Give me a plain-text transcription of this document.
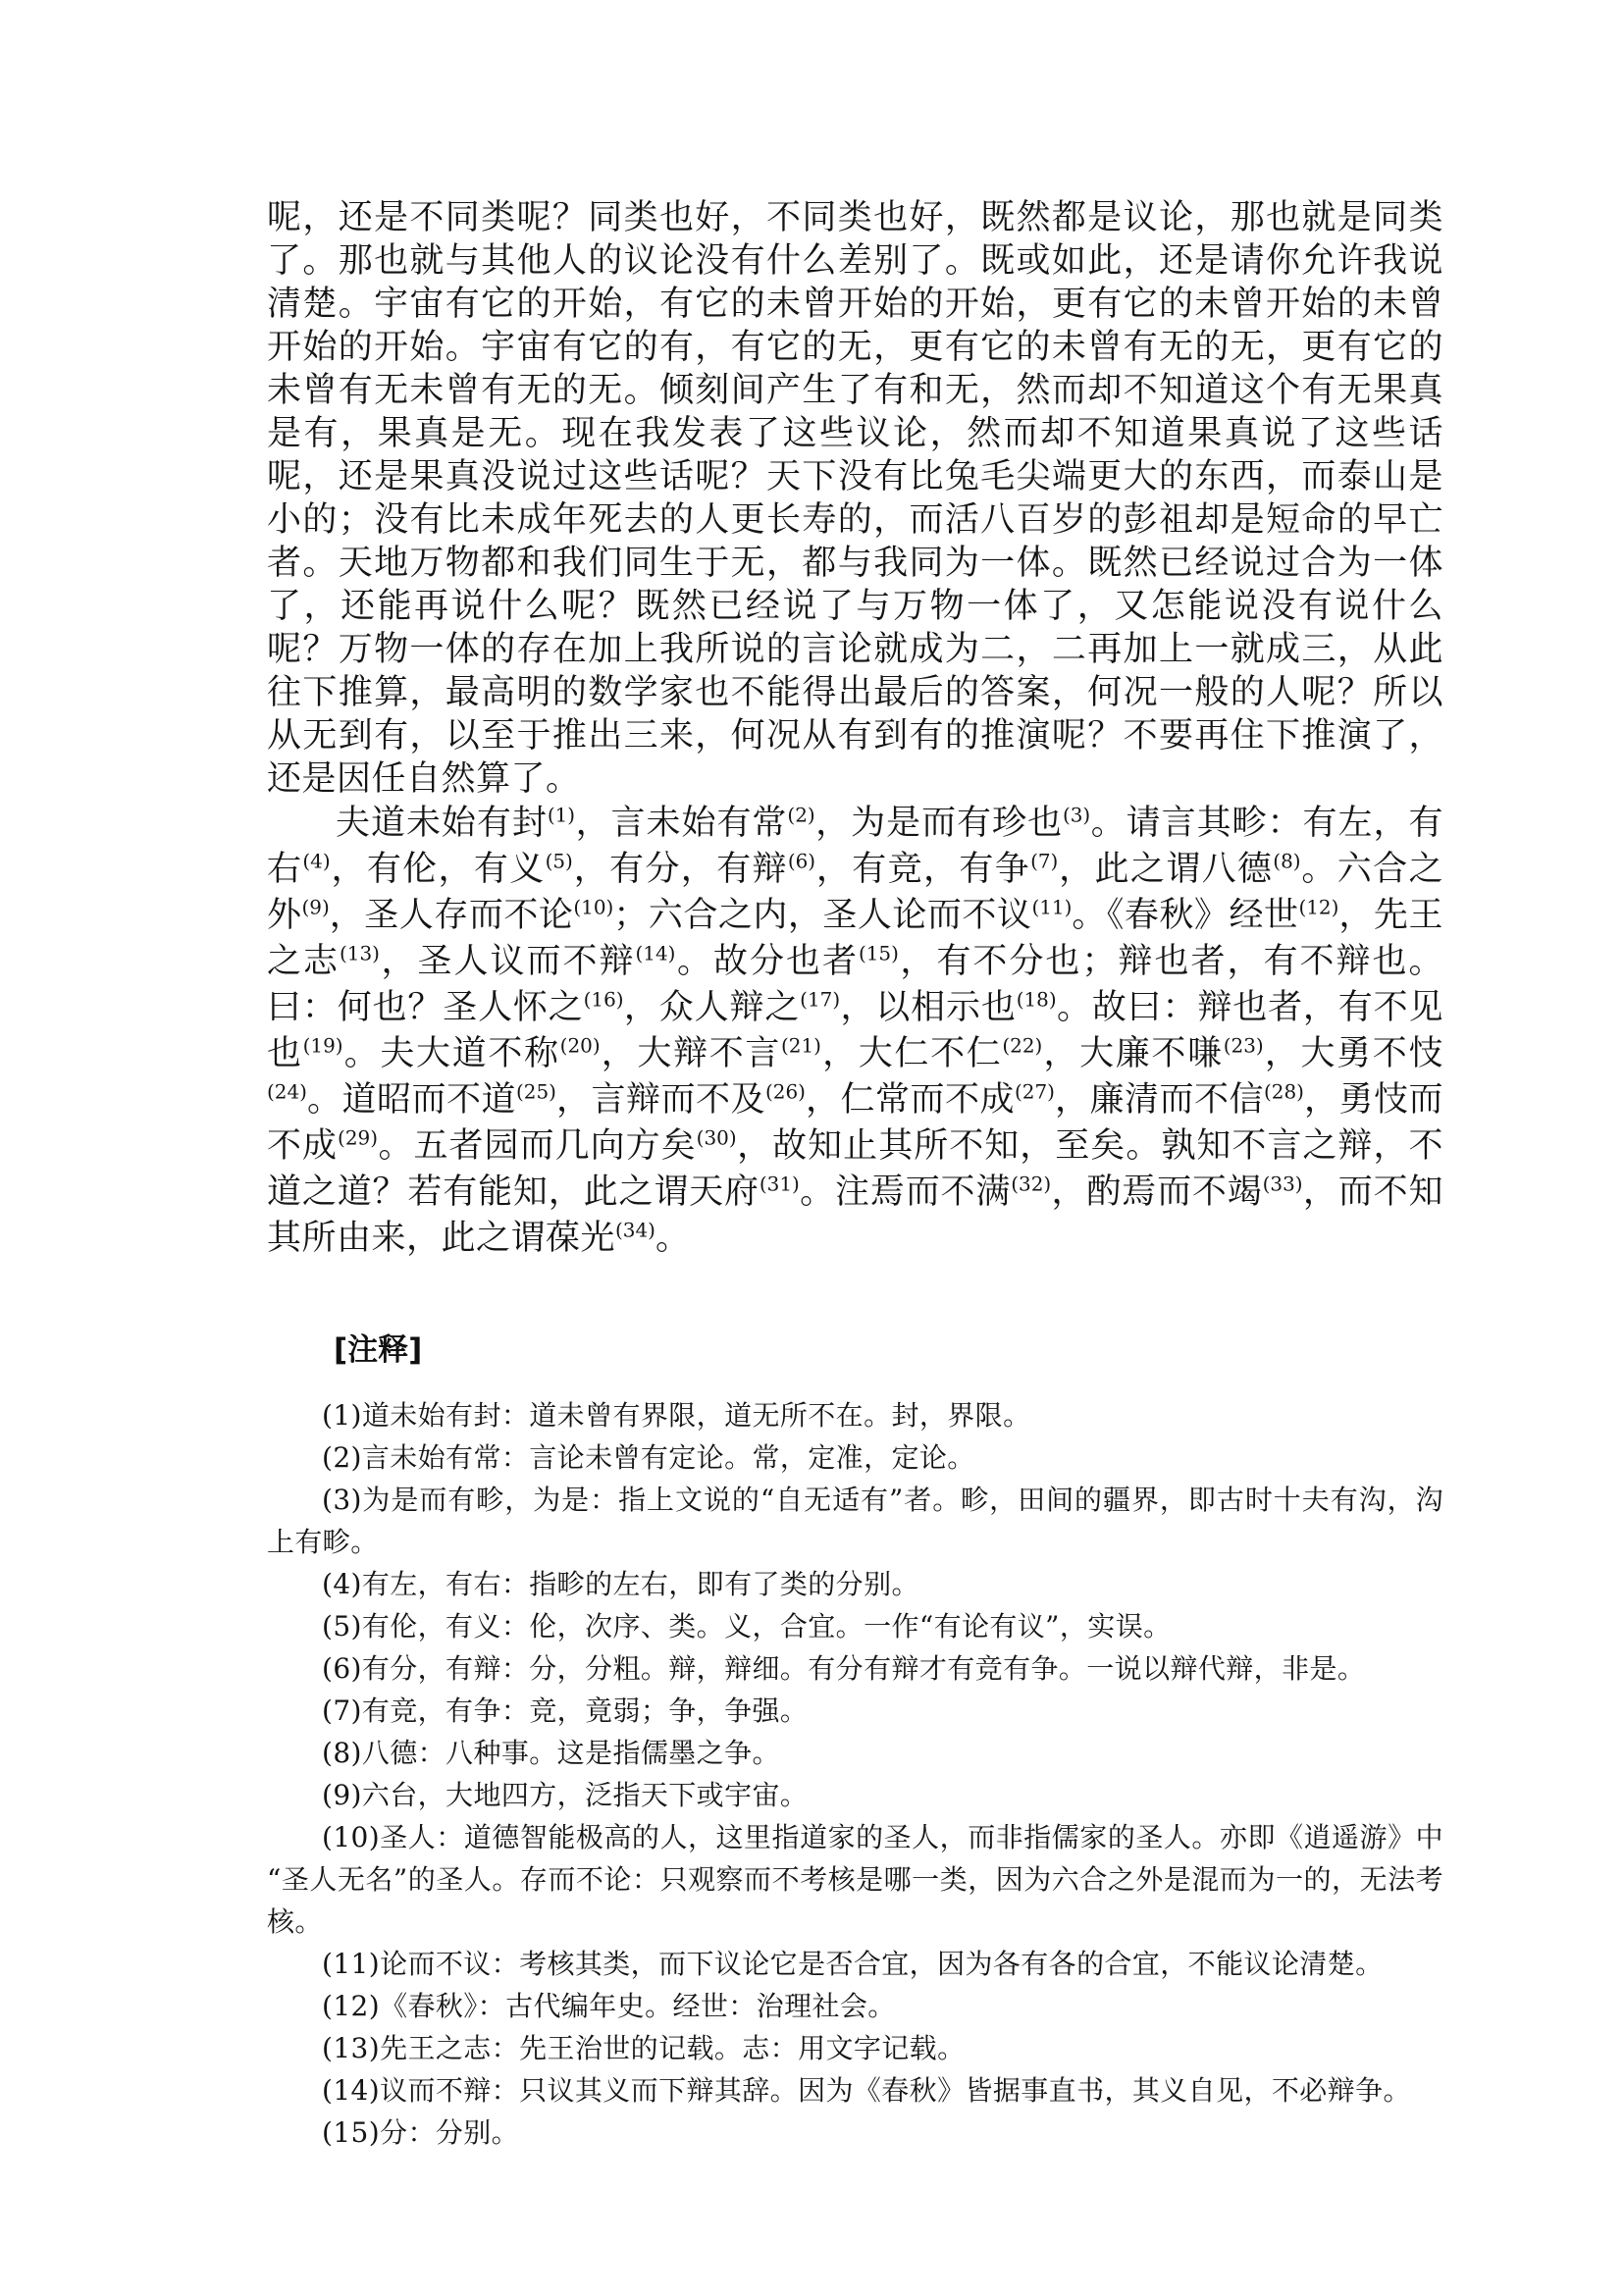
呢，还是不同类呢？同类也好，不同类也好，既然都是议论，那也就是同类了。那也就与其他人的议论没有什么差别了。既或如此，还是请你允许我说清楚。宇宙有它的开始，有它的未曾开始的开始，更有它的未曾开始的未曾开始的开始。宇宙有它的有，有它的无，更有它的未曾有无的无，更有它的未曾有无未曾有无的无。倾刻间产生了有和无，然而却不知道这个有无果真是有，果真是无。现在我发表了这些议论，然而却不知道果真说了这些话呢，还是果真没说过这些话呢？天下没有比兔毛尖端更大的东西，而泰山是小的；没有比未成年死去的人更长寿的，而活八百岁的彭祖却是短命的早亡者。天地万物都和我们同生于无，都与我同为一体。既然已经说过合为一体了，还能再说什么呢？既然已经说了与万物一体了，又怎能说没有说什么呢？万物一体的存在加上我所说的言论就成为二，二再加上一就成三，从此往下推算，最高明的数学家也不能得出最后的答案，何况一般的人呢？所以从无到有，以至于推出三来，何况从有到有的推演呢？不要再住下推演了，还是因任自然算了。

夫道未始有封$^{(1)}$，言未始有常$^{(2)}$，为是而有珍也$^{(3)}$。请言其畛：有左，有右$^{(4)}$，有伦，有义$^{(5)}$，有分，有辩$^{(6)}$，有竞，有争$^{(7)}$，此之谓八德$^{(8)}$。六合之外$^{(9)}$，圣人存而不论$^{(10)}$；六合之内，圣人论而不议$^{(11)}$。《春秋》经世$^{(12)}$，先王之志$^{(13)}$，圣人议而不辩$^{(14)}$。故分也者$^{(15)}$，有不分也；辩也者，有不辩也。曰：何也？圣人怀之$^{(16)}$，众人辩之$^{(17)}$，以相示也$^{(18)}$。故曰：辩也者，有不见也$^{(19)}$。夫大道不称$^{(20)}$，大辩不言$^{(21)}$，大仁不仁$^{(22)}$，大廉不嗛$^{(23)}$，大勇不忮$^{(24)}$。道昭而不道$^{(25)}$，言辩而不及$^{(26)}$，仁常而不成$^{(27)}$，廉清而不信$^{(28)}$，勇忮而不成$^{(29)}$。五者园而几向方矣$^{(30)}$，故知止其所不知，至矣。孰知不言之辩，不道之道？若有能知，此之谓天府$^{(31)}$。注焉而不满$^{(32)}$，酌焉而不竭$^{(33)}$，而不知其所由来，此之谓葆光$^{(34)}$。

[注释]

(1)道未始有封：道未曾有界限，道无所不在。封，界限。

(2)言未始有常：言论未曾有定论。常，定准，定论。

(3)为是而有畛，为是：指上文说的“自无适有”者。畛，田间的疆界，即古时十夫有沟，沟上有畛。

(4)有左，有右：指畛的左右，即有了类的分别。

(5)有伦，有义：伦，次序、类。义，合宜。一作“有论有议”，实误。

(6)有分，有辩：分，分粗。辩，辩细。有分有辩才有竞有争。一说以辩代辩，非是。

(7)有竞，有争：竞，竟弱；争，争强。

(8)八德：八种事。这是指儒墨之争。

(9)六台，大地四方，泛指天下或宇宙。

(10)圣人：道德智能极高的人，这里指道家的圣人，而非指儒家的圣人。亦即《逍遥游》中“圣人无名”的圣人。存而不论：只观察而不考核是哪一类，因为六合之外是混而为一的，无法考核。

(11)论而不议：考核其类，而下议论它是否合宜，因为各有各的合宜，不能议论清楚。

(12)《春秋》：古代编年史。经世：治理社会。

(13)先王之志：先王治世的记载。志：用文字记载。

(14)议而不辩：只议其义而下辩其辞。因为《春秋》皆据事直书，其义自见，不必辩争。

(15)分：分别。
